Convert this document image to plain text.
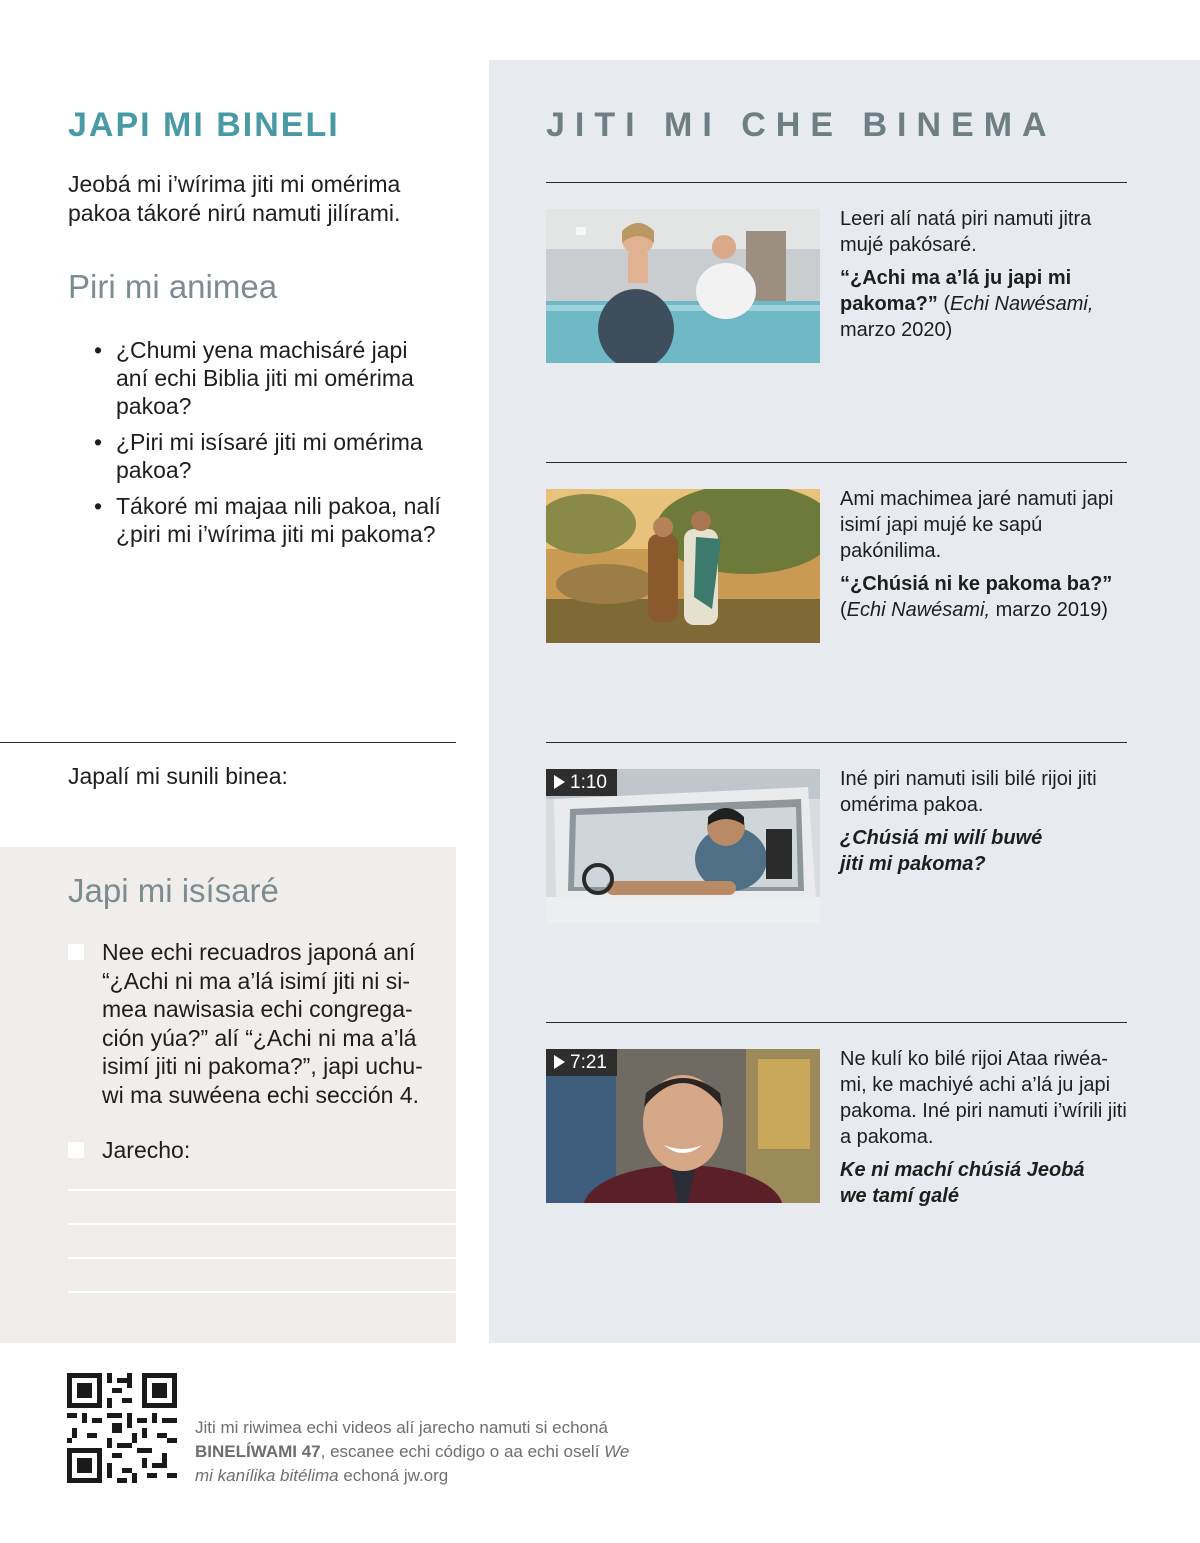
JAPI MI BINELI
Jeobá mi i’wírima jiti mi omérima pakoa tákoré nirú namuti jilírami.
Piri mi animea
• ¿Chumi yena machisáré japi aní echi Biblia jiti mi omérima pakoa?
• ¿Piri mi isísaré jiti mi omérima pakoa?
• Tákoré mi majaa nili pakoa, nalí ¿piri mi i’wírima jiti mi pakoma?
Japalí mi sunili binea:
Japi mi isísaré
Nee echi recuadros japoná aní “¿Achi ni ma a’lá isimí jiti ni si-mea nawisasia echi congrega-ción yúa?” alí “¿Achi ni ma a’lá isimí jiti ni pakoma?”, japi uchu-wi ma suwéena echi sección 4.
Jarecho:
JITI MI CHE BINEMA
Leeri alí natá piri namuti jitra mujé pakósaré.
“¿Achi ma a’lá ju japi mi pakoma?” (Echi Nawésami, marzo 2020)
Ami machimea jaré namuti japi isimí japi mujé ke sapú pakónilima.
“¿Chúsiá ni ke pakoma ba?”
(Echi Nawésami, marzo 2019)
1:10	Iné piri namuti isili bilé rijoi jiti omérima pakoa.
¿Chúsiá mi wilí buwé
jiti mi pakoma?
7:21	Ne kulí ko bilé rijoi Ataa riwéa-mi, ke machiyé achi a’lá ju japi pakoma. Iné piri namuti i’wírili jiti a pakoma.
Ke ni machí chúsiá Jeobá
we tamí galé
Jiti mi riwimea echi videos alí jarecho namuti si echoná BINELÍWAMI 47, escanee echi código o aa echi oselí We mi kanílika bitélima echoná jw.org
